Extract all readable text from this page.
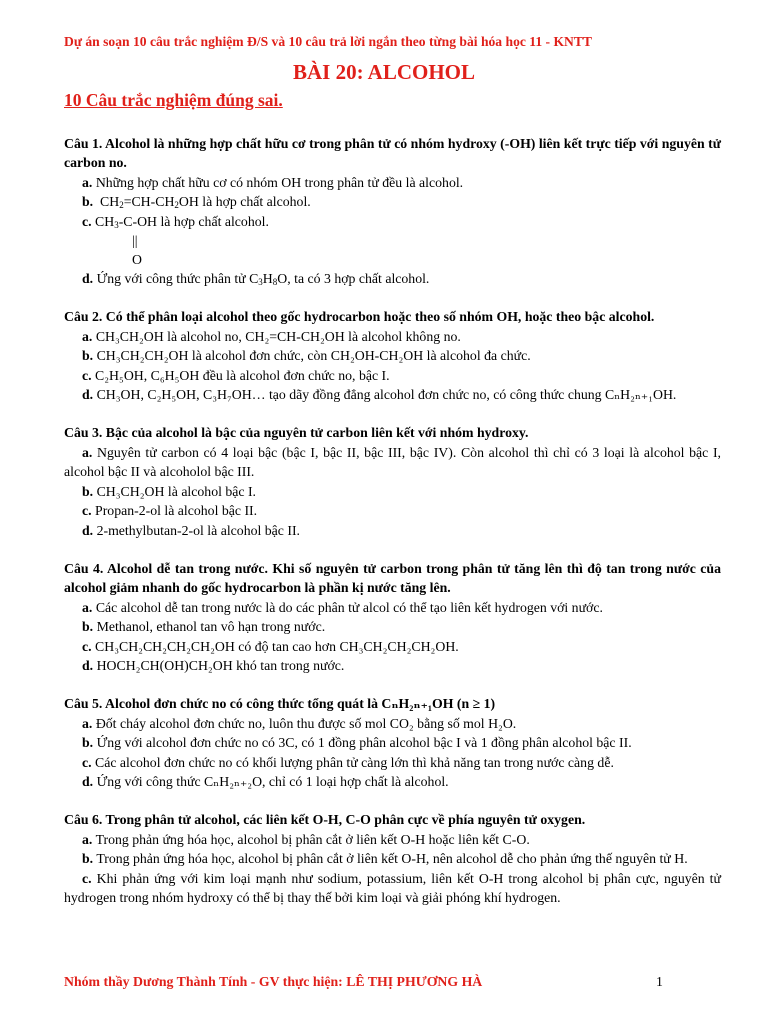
Dự án soạn 10 câu trắc nghiệm Đ/S và 10 câu trả lời ngắn theo từng bài hóa học 11 - KNTT
BÀI 20: ALCOHOL
10 Câu trắc nghiệm đúng sai.
Câu 1. Alcohol là những hợp chất hữu cơ trong phân tử có nhóm hydroxy (-OH) liên kết trực tiếp với nguyên tử carbon no.
a. Những hợp chất hữu cơ có nhóm OH trong phân tử đều là alcohol.
b. $CH_2=CH-CH_2OH$ là hợp chất alcohol.
c. $CH_3-C-OH$ là hợp chất alcohol.
||
O
d. Ứng với công thức phân tử $C_3H_8O$, ta có 3 hợp chất alcohol.
Câu 2. Có thể phân loại alcohol theo gốc hydrocarbon hoặc theo số nhóm OH, hoặc theo bậc alcohol.
a. CH₃CH₂OH là alcohol no, CH₂=CH-CH₂OH là alcohol không no.
b. CH₃CH₂CH₂OH là alcohol đơn chức, còn CH₂OH-CH₂OH là alcohol đa chức.
c. C₂H₅OH, C₆H₅OH đều là alcohol đơn chức no, bậc I.
d. CH₃OH, C₂H₅OH, C₃H₇OH… tạo dãy đồng đẳng alcohol đơn chức no, có công thức chung CₙH₂ₙ₊₁OH.
Câu 3. Bậc của alcohol là bậc của nguyên tử carbon liên kết với nhóm hydroxy.
a. Nguyên tử carbon có 4 loại bậc (bậc I, bậc II, bậc III, bậc IV). Còn alcohol thì chỉ có 3 loại là alcohol bậc I, alcohol bậc II và alcoholol bậc III.
b. CH₃CH₂OH là alcohol bậc I.
c. Propan-2-ol là alcohol bậc II.
d. 2-methylbutan-2-ol là alcohol bậc II.
Câu 4. Alcohol dễ tan trong nước. Khi số nguyên tử carbon trong phân tử tăng lên thì độ tan trong nước của alcohol giảm nhanh do gốc hydrocarbon là phần kị nước tăng lên.
a. Các alcohol dễ tan trong nước là do các phân tử alcol có thể tạo liên kết hydrogen với nước.
b. Methanol, ethanol tan vô hạn trong nước.
c. CH₃CH₂CH₂CH₂CH₂OH có độ tan cao hơn CH₃CH₂CH₂CH₂OH.
d. HOCH₂CH(OH)CH₂OH khó tan trong nước.
Câu 5. Alcohol đơn chức no có công thức tổng quát là CₙH₂ₙ₊₁OH (n ≥ 1)
a. Đốt cháy alcohol đơn chức no, luôn thu được số mol CO₂ bằng số mol H₂O.
b. Ứng với alcohol đơn chức no có 3C, có 1 đồng phân alcohol bậc I và 1 đồng phân alcohol bậc II.
c. Các alcohol đơn chức no có khối lượng phân tử càng lớn thì khả năng tan trong nước càng dễ.
d. Ứng với công thức CₙH₂ₙ₊₂O, chỉ có 1 loại hợp chất là alcohol.
Câu 6. Trong phân tử alcohol, các liên kết O-H, C-O phân cực về phía nguyên tử oxygen.
a. Trong phản ứng hóa học, alcohol bị phân cắt ở liên kết O-H hoặc liên kết C-O.
b. Trong phản ứng hóa học, alcohol bị phân cắt ở liên kết O-H, nên alcohol dễ cho phản ứng thế nguyên tử H.
c. Khi phản ứng với kim loại mạnh như sodium, potassium, liên kết O-H trong alcohol bị phân cực, nguyên tử hydrogen trong nhóm hydroxy có thể bị thay thế bởi kim loại và giải phóng khí hydrogen.
Nhóm thầy Dương Thành Tính - GV thực hiện: LÊ THỊ PHƯƠNG HÀ	1
